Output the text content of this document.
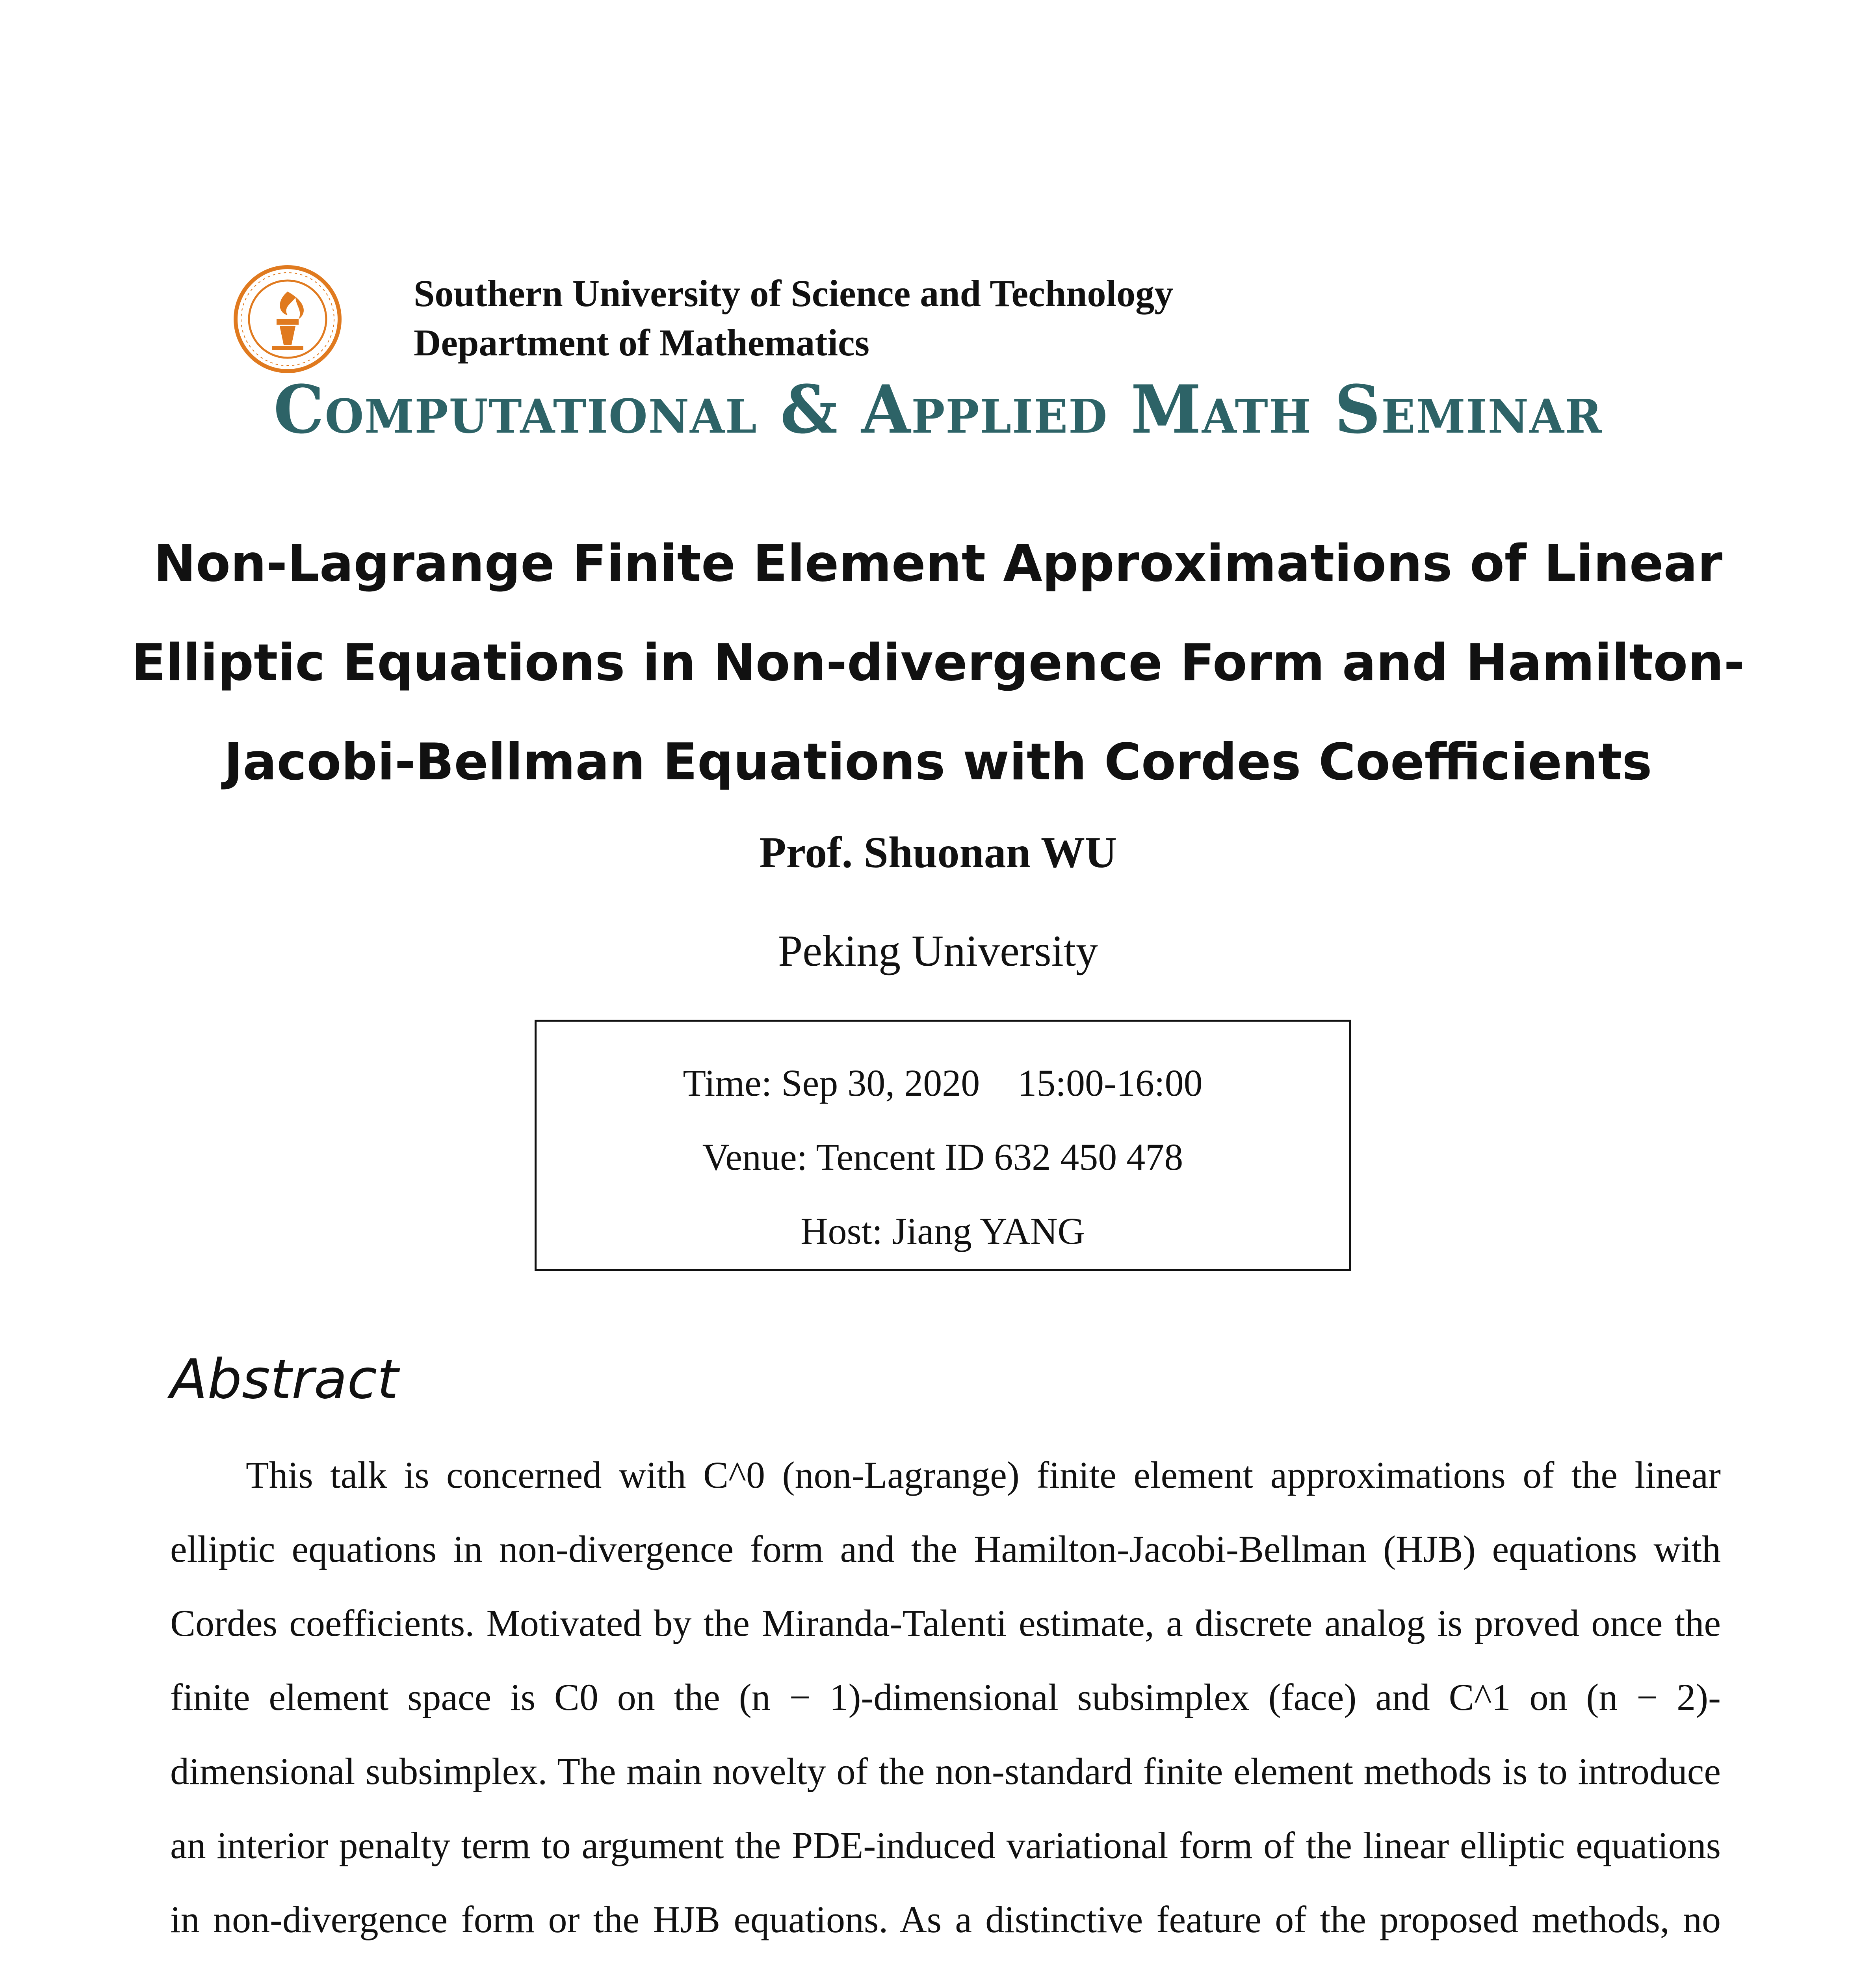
Southern University of Science and Technology
Department of Mathematics
Computational & Applied Math Seminar
Non-Lagrange Finite Element Approximations of Linear Elliptic Equations in Non-divergence Form and Hamilton-Jacobi-Bellman Equations with Cordes Coefficients
Prof. Shuonan WU
Peking University
Time: Sep 30, 2020    15:00-16:00
Venue: Tencent ID 632 450 478
Host: Jiang YANG
Abstract

This talk is concerned with C^0 (non-Lagrange) finite element approximations of the linear elliptic equations in non-divergence form and the Hamilton-Jacobi-Bellman (HJB) equations with Cordes coefficients. Motivated by the Miranda-Talenti estimate, a discrete analog is proved once the finite element space is C0 on the (n − 1)-dimensional subsimplex (face) and C^1 on (n − 2)-dimensional subsimplex. The main novelty of the non-standard finite element methods is to introduce an interior penalty term to argument the PDE-induced variational form of the linear elliptic equations in non-divergence form or the HJB equations. As a distinctive feature of the proposed methods, no
